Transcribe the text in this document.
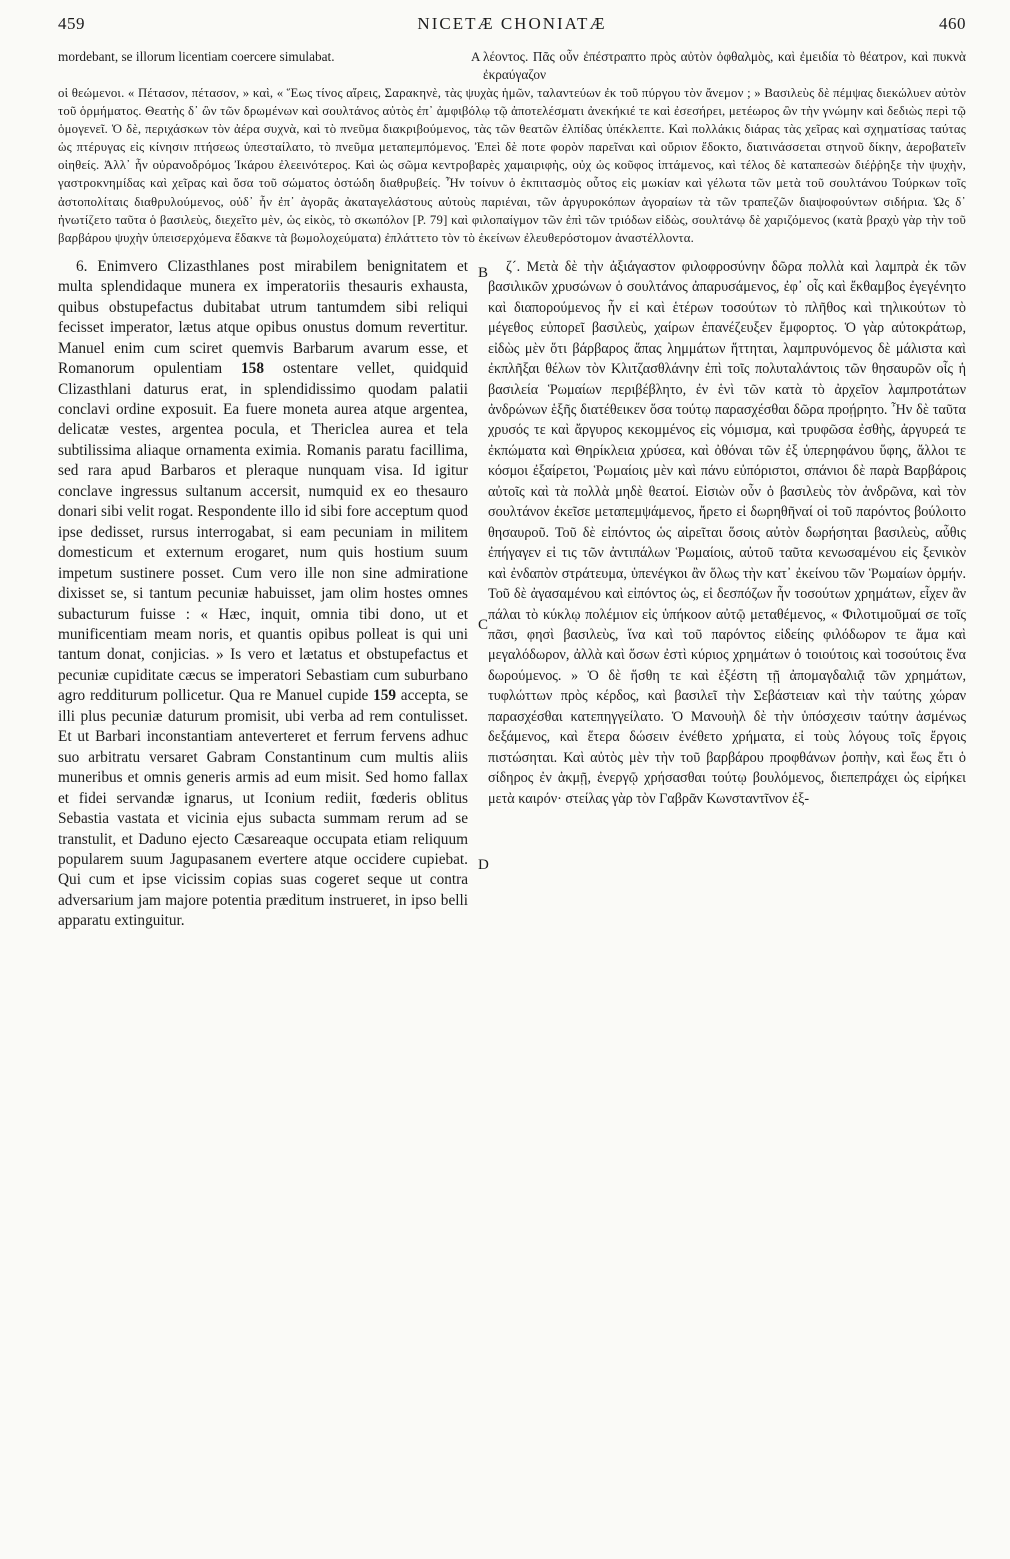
459	NICETÆ CHONIATÆ	460
mordebant, se illorum licentiam coercere simulabat.	A λέοντος. Πᾶς οὖν ἐπέστραπτο πρὸς αὐτὸν ὀφθαλμὸς, καὶ ἐμειδία τὸ θέατρον, καὶ πυκνὰ ἐκραύγαζον
οἱ θεώμενοι. « Πέτασον, πέτασον, » καὶ, « Ἕως τίνος αἴρεις, Σαρακηνὲ, τὰς ψυχὰς ἡμῶν, ταλαντεύων ἐκ τοῦ πύργου τὸν ἄνεμον ; » Βασιλεὺς δὲ πέμψας διεκώλυεν αὐτὸν τοῦ ὁρμήματος. Θεατὴς δ᾽ ὢν τῶν δρωμένων καὶ σουλτάνος αὐτὸς ἐπ᾽ ἀμφιβόλῳ τῷ ἀποτελέσματι ἀνεκήκιέ τε καὶ ἐσεσήρει, μετέωρος ὢν τὴν γνώμην καὶ δεδιὼς περὶ τῷ ὁμογενεῖ. Ὁ δὲ, περιχάσκων τὸν ἀέρα συχνὰ, καὶ τὸ πνεῦμα διακριβούμενος, τὰς τῶν θεατῶν ἐλπίδας ὑπέκλεπτε. Καὶ πολλάκις διάρας τὰς χεῖρας καὶ σχηματίσας ταύτας ὡς πτέρυγας εἰς κίνησιν πτήσεως ὑπεσταίλατο, τὸ πνεῦμα μεταπεμπόμενος. Ἐπεὶ δὲ ποτε φορὸν παρεῖναι καὶ οὔριον ἔδοκτο, διατινάσσεται στηνοῦ δίκην, ἀεροβατεῖν οἰηθείς. Ἀλλ᾽ ἦν οὐρανοδρόμος Ἰκάρου ἐλεεινότερος. Καὶ ὡς σῶμα κεντροβαρὲς χαμαιριφὴς, οὐχ ὡς κοῦφος ἱπτάμενος, καὶ τέλος δὲ καταπεσὼν διέῤῥηξε τὴν ψυχὴν, γαστροκνημίδας καὶ χεῖρας καὶ ὅσα τοῦ σώματος ὀστώδη διαθρυβείς. Ἦν τοίνυν ὁ ἐκπιτασμὸς οὗτος εἰς μωκίαν καὶ γέλωτα τῶν μετὰ τοῦ σουλτάνου Τούρκων τοῖς ἀστοπολίταις διαθρυλούμενος, οὐδ᾽ ἦν ἐπ᾽ ἀγορᾶς ἀκαταγελάστους αὐτοὺς παριέναι, τῶν ἀργυροκόπων ἀγοραίων τὰ τῶν τραπεζῶν διαψοφούντων σιδήρια. Ὡς δ᾽ ἠνωτίζετο ταῦτα ὁ βασιλεὺς, διεχεῖτο μὲν, ὡς εἰκὸς, τὸ σκωπόλον [P. 79] καὶ φιλοπαίγμον τῶν ἐπὶ τῶν τριόδων εἰδὼς, σουλτάνῳ δὲ χαριζόμενος (κατὰ βραχὺ γὰρ τὴν τοῦ βαρβάρου ψυχὴν ὑπεισερχόμενα ἔδακνε τὰ βωμολοχεύματα) ἐπλάττετο τὸν τὸ ἐκείνων ἐλευθερόστομον ἀναστέλλοντα.
6. Enimvero Clizasthlanes post mirabilem benignitatem et multa splendidaque munera ex imperatoriis thesauris exhausta, quibus obstupefactus dubitabat utrum tantumdem sibi reliqui fecisset imperator, lætus atque opibus onustus domum revertitur. Manuel enim cum sciret quemvis Barbarum avarum esse, et Romanorum opulentiam 158 ostentare vellet, quidquid Clizasthlani daturus erat, in splendidissimo quodam palatii conclavi ordine exposuit. Ea fuere moneta aurea atque argentea, delicatæ vestes, argentea pocula, et Thericlea aurea et tela subtilissima aliaque ornamenta eximia. Romanis paratu facillima, sed rara apud Barbaros et pleraque nunquam visa. Id igitur conclave ingressus sultanum accersit, numquid ex eo thesauro donari sibi velit rogat. Respondente illo id sibi fore acceptum quod ipse dedisset, rursus interrogabat, si eam pecuniam in militem domesticum et externum erogaret, num quis hostium suum impetum sustinere posset. Cum vero ille non sine admiratione dixisset se, si tantum pecuniæ habuisset, jam olim hostes omnes subacturum fuisse : « Hæc, inquit, omnia tibi dono, ut et munificentiam meam noris, et quantis opibus polleat is qui uni tantum donat, conjicias. » Is vero et lætatus et obstupefactus et pecuniæ cupiditate cæcus se imperatori Sebastiam cum suburbano agro redditurum pollicetur. Qua re Manuel cupide 159 accepta, se illi plus pecuniæ daturum promisit, ubi verba ad rem contulisset. Et ut Barbari inconstantiam anteverteret et ferrum fervens adhuc suo arbitratu versaret Gabram Constantinum cum multis aliis muneribus et omnis generis armis ad eum misit. Sed homo fallax et fidei servandæ ignarus, ut Iconium rediit, fœderis oblitus Sebastia vastata et vicinia ejus subacta summam rerum ad se transtulit, et Daduno ejecto Cæsareaque occupata etiam reliquum popularem suum Jagupasanem evertere atque occidere cupiebat. Qui cum et ipse vicissim copias suas cogeret seque ut contra adversarium jam majore potentia præditum instrueret, in ipso belli apparatu extinguitur.
B
C
D
ζ´. Μετὰ δὲ τὴν ἀξιάγαστον φιλοφροσύνην δῶρα πολλὰ καὶ λαμπρὰ ἐκ τῶν βασιλικῶν χρυσώνων ὁ σουλτάνος ἀπαρυσάμενος, ἐφ᾽ οἷς καὶ ἔκθαμβος ἐγεγένητο καὶ διαπορούμενος ἦν εἰ καὶ ἑτέρων τοσούτων τὸ πλῆθος καὶ τηλικούτων τὸ μέγεθος εὐπορεῖ βασιλεὺς, χαίρων ἐπανέζευξεν ἔμφορτος. Ὁ γὰρ αὐτοκράτωρ, εἰδὼς μὲν ὅτι βάρβαρος ἅπας λημμάτων ἥττηται, λαμπρυνόμενος δὲ μάλιστα καὶ ἐκπλῆξαι θέλων τὸν Κλιτζασθλάνην ἐπὶ τοῖς πολυταλάντοις τῶν θησαυρῶν οἷς ἡ βασιλεία Ῥωμαίων περιβέβλητο, ἐν ἑνὶ τῶν κατὰ τὸ ἀρχεῖον λαμπροτάτων ἀνδρώνων ἑξῆς διατέθεικεν ὅσα τούτῳ παρασχέσθαι δῶρα προῄρητο. Ἦν δὲ ταῦτα χρυσός τε καὶ ἄργυρος κεκομμένος εἰς νόμισμα, καὶ τρυφῶσα ἐσθὴς, ἀργυρεά τε ἐκπώματα καὶ Θηρίκλεια χρύσεα, καὶ ὀθόναι τῶν ἐξ ὑπερηφάνου ὕφης, ἄλλοι τε κόσμοι ἐξαίρετοι, Ῥωμαίοις μὲν καὶ πάνυ εὐπόριστοι, σπάνιοι δὲ παρὰ Βαρβάροις αὐτοῖς καὶ τὰ πολλὰ μηδὲ θεατοί. Εἰσιὼν οὖν ὁ βασιλεὺς τὸν ἀνδρῶνα, καὶ τὸν σουλτάνον ἐκεῖσε μεταπεμψάμενος, ἤρετο εἰ δωρηθῆναί οἱ τοῦ παρόντος βούλοιτο θησαυροῦ. Τοῦ δὲ εἰπόντος ὡς αἱρεῖται ὅσοις αὐτὸν δωρήσηται βασιλεὺς, αὖθις ἐπήγαγεν εἰ τις τῶν ἀντιπάλων Ῥωμαίοις, αὐτοῦ ταῦτα κενωσαμένου εἰς ξενικὸν καὶ ἐνδαπὸν στράτευμα, ὑπενέγκοι ἂν ὅλως τὴν κατ᾽ ἐκείνου τῶν Ῥωμαίων ὁρμήν. Τοῦ δὲ ἀγασαμένου καὶ εἰπόντος ὡς, εἰ δεσπόζων ἦν τοσούτων χρημάτων, εἶχεν ἂν πάλαι τὸ κύκλῳ πολέμιον εἰς ὑπήκοον αὐτῷ μεταθέμενος, « Φιλοτιμοῦμαί σε τοῖς πᾶσι, φησὶ βασιλεὺς, ἵνα καὶ τοῦ παρόντος εἰδείης φιλόδωρον τε ἅμα καὶ μεγαλόδωρον, ἀλλὰ καὶ ὅσων ἐστὶ κύριος χρημάτων ὁ τοιούτοις καὶ τοσούτοις ἕνα δωρούμενος. » Ὁ δὲ ἥσθη τε καὶ ἐξέστη τῇ ἀπομαγδαλιᾷ τῶν χρημάτων, τυφλώττων πρὸς κέρδος, καὶ βασιλεῖ τὴν Σεβάστειαν καὶ τὴν ταύτης χώραν παρασχέσθαι κατεπηγγείλατο. Ὁ Μανουὴλ δὲ τὴν ὑπόσχεσιν ταύτην ἀσμένως δεξάμενος, καὶ ἕτερα δώσειν ἐνέθετο χρήματα, εἰ τοὺς λόγους τοῖς ἔργοις πιστώσηται. Καὶ αὐτὸς μὲν τὴν τοῦ βαρβάρου προφθάνων ῥοπὴν, καὶ ἕως ἔτι ὁ σίδηρος ἐν ἀκμῇ, ἐνεργῷ χρήσασθαι τούτῳ βουλόμενος, διεπεπράχει ὡς εἰρήκει μετὰ καιρόν· στείλας γὰρ τὸν Γαβρᾶν Κωνσταντῖνον ἐξ-
